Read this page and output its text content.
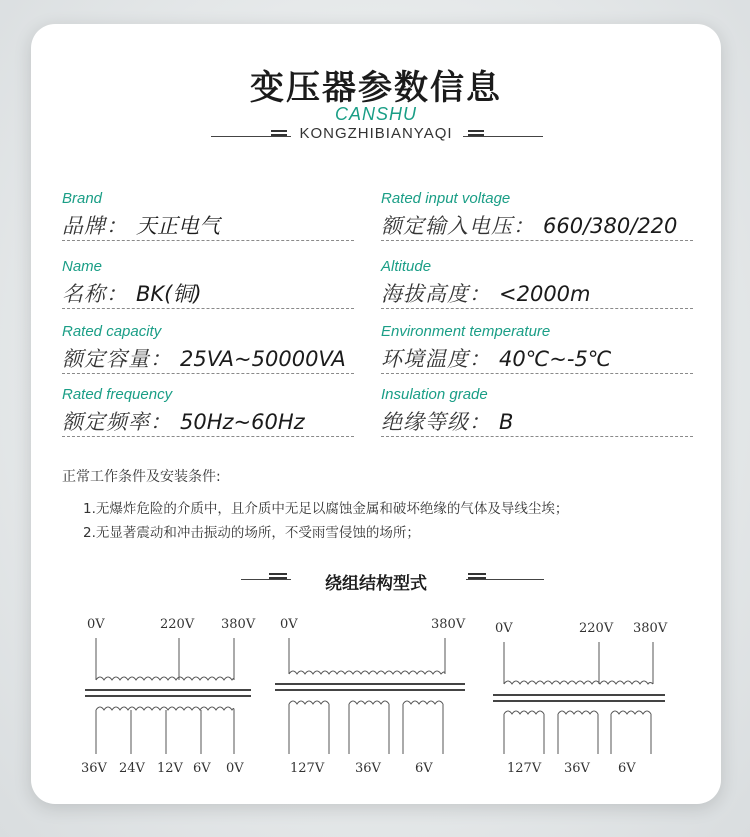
变压器参数信息
CANSHU
KONGZHIBIANYAQI
Brand
品牌： 天正电气
Rated input voltage
额定输入电压： 660/380/220
Name
名称： BK(铜)
Altitude
海拔高度： <2000m
Rated capacity
额定容量： 25VA~50000VA
Environment temperature
环境温度： 40℃~-5℃
Rated frequency
额定频率： 50Hz~60Hz
Insulation grade
绝缘等级： B
正常工作条件及安装条件:
1.无爆炸危险的介质中，且介质中无足以腐蚀金属和破坏绝缘的气体及导线尘埃；
2.无显著震动和冲击振动的场所，不受雨雪侵蚀的场所；
绕组结构型式
0V	220V 380V
36V 24V 12V 6V 0V
0V	380V
127V 36V	6V
0V	220V 380V
127V 36V 6V
